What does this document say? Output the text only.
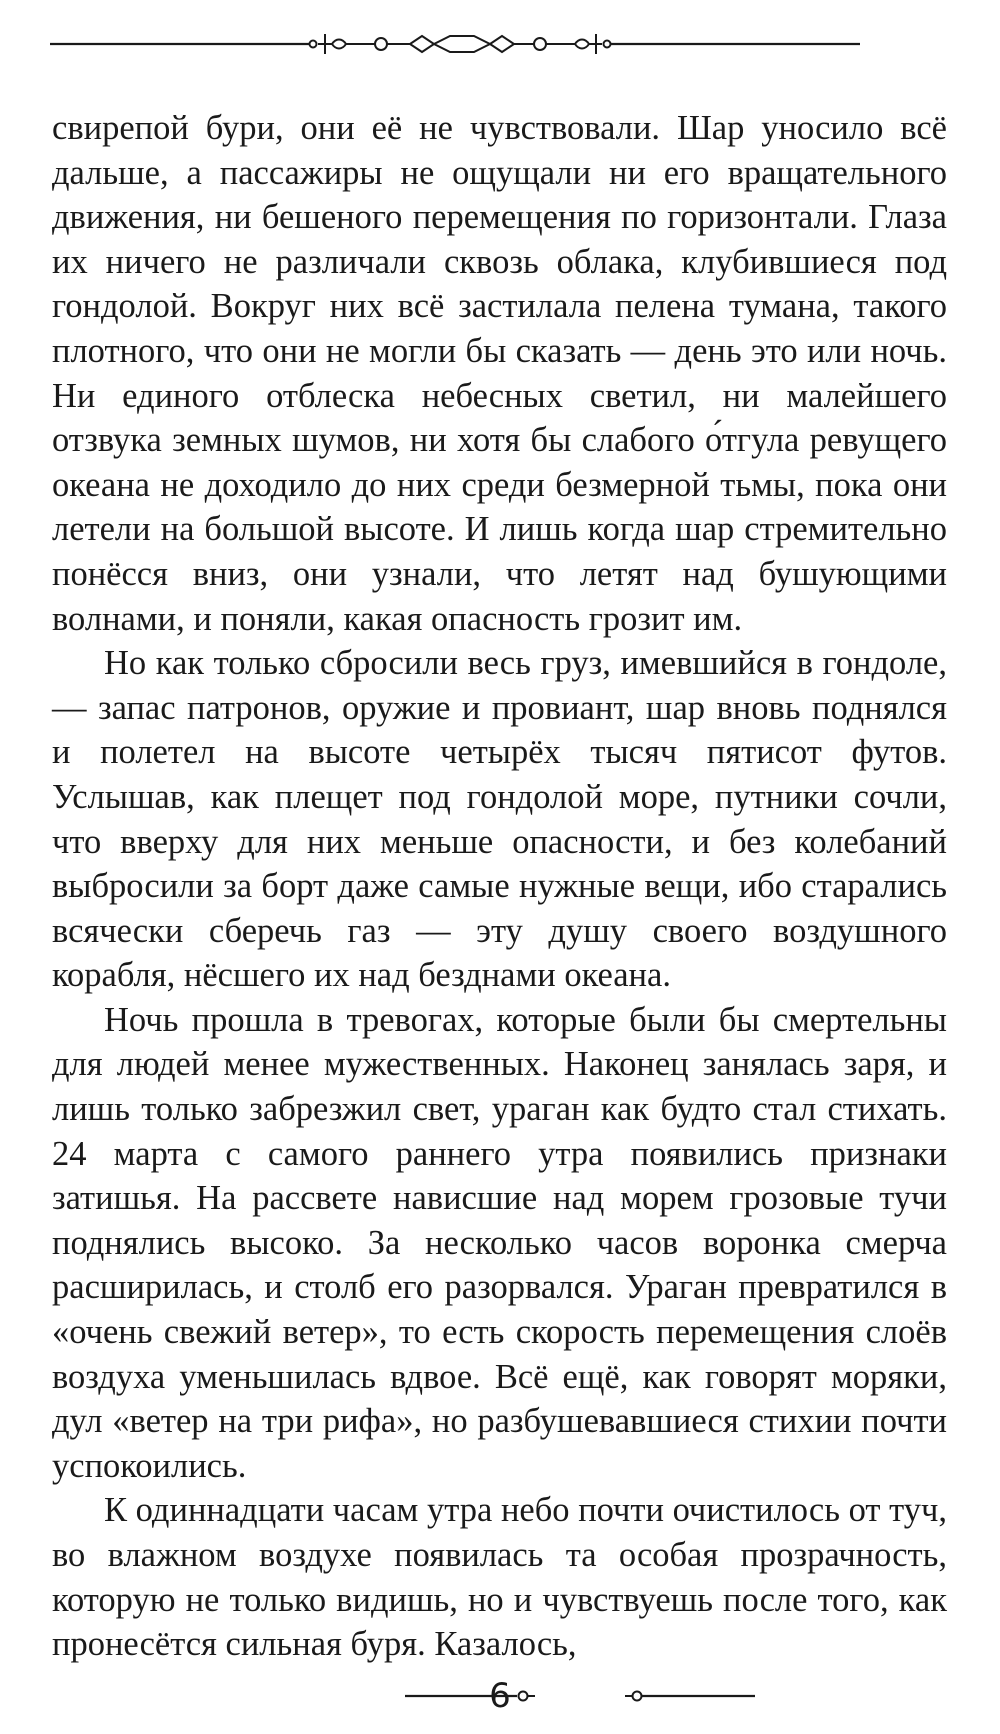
свирепой бури, они её не чувствовали. Шар уносило всё дальше, а пассажиры не ощущали ни его вращательного движения, ни бешеного перемещения по горизонтали. Глаза их ничего не различали сквозь облака, клубившиеся под гондолой. Вокруг них всё застилала пелена тумана, такого плотного, что они не могли бы сказать — день это или ночь. Ни единого отблеска небесных светил, ни малейшего отзвука земных шумов, ни хотя бы слабого о́тгула ревущего океана не доходило до них среди безмерной тьмы, пока они летели на большой высоте. И лишь когда шар стремительно понёсся вниз, они узнали, что летят над бушующими волнами, и поняли, какая опасность грозит им.

Но как только сбросили весь груз, имевшийся в гондоле, — запас патронов, оружие и провиант, шар вновь поднялся и полетел на высоте четырёх тысяч пятисот футов. Услышав, как плещет под гондолой море, путники сочли, что вверху для них меньше опасности, и без колебаний выбросили за борт даже самые нужные вещи, ибо старались всячески сберечь газ — эту душу своего воздушного корабля, нёсшего их над безднами океана.

Ночь прошла в тревогах, которые были бы смертельны для людей менее мужественных. Наконец занялась заря, и лишь только забрезжил свет, ураган как будто стал стихать. 24 марта с самого раннего утра появились признаки затишья. На рассвете нависшие над морем грозовые тучи поднялись высоко. За несколько часов воронка смерча расширилась, и столб его разорвался. Ураган превратился в «очень свежий ветер», то есть скорость перемещения слоёв воздуха уменьшилась вдвое. Всё ещё, как говорят моряки, дул «ветер на три рифа», но разбушевавшиеся стихии почти успокоились.

К одиннадцати часам утра небо почти очистилось от туч, во влажном воздухе появилась та особая прозрачность, которую не только видишь, но и чувствуешь после того, как пронесётся сильная буря. Казалось,

6
